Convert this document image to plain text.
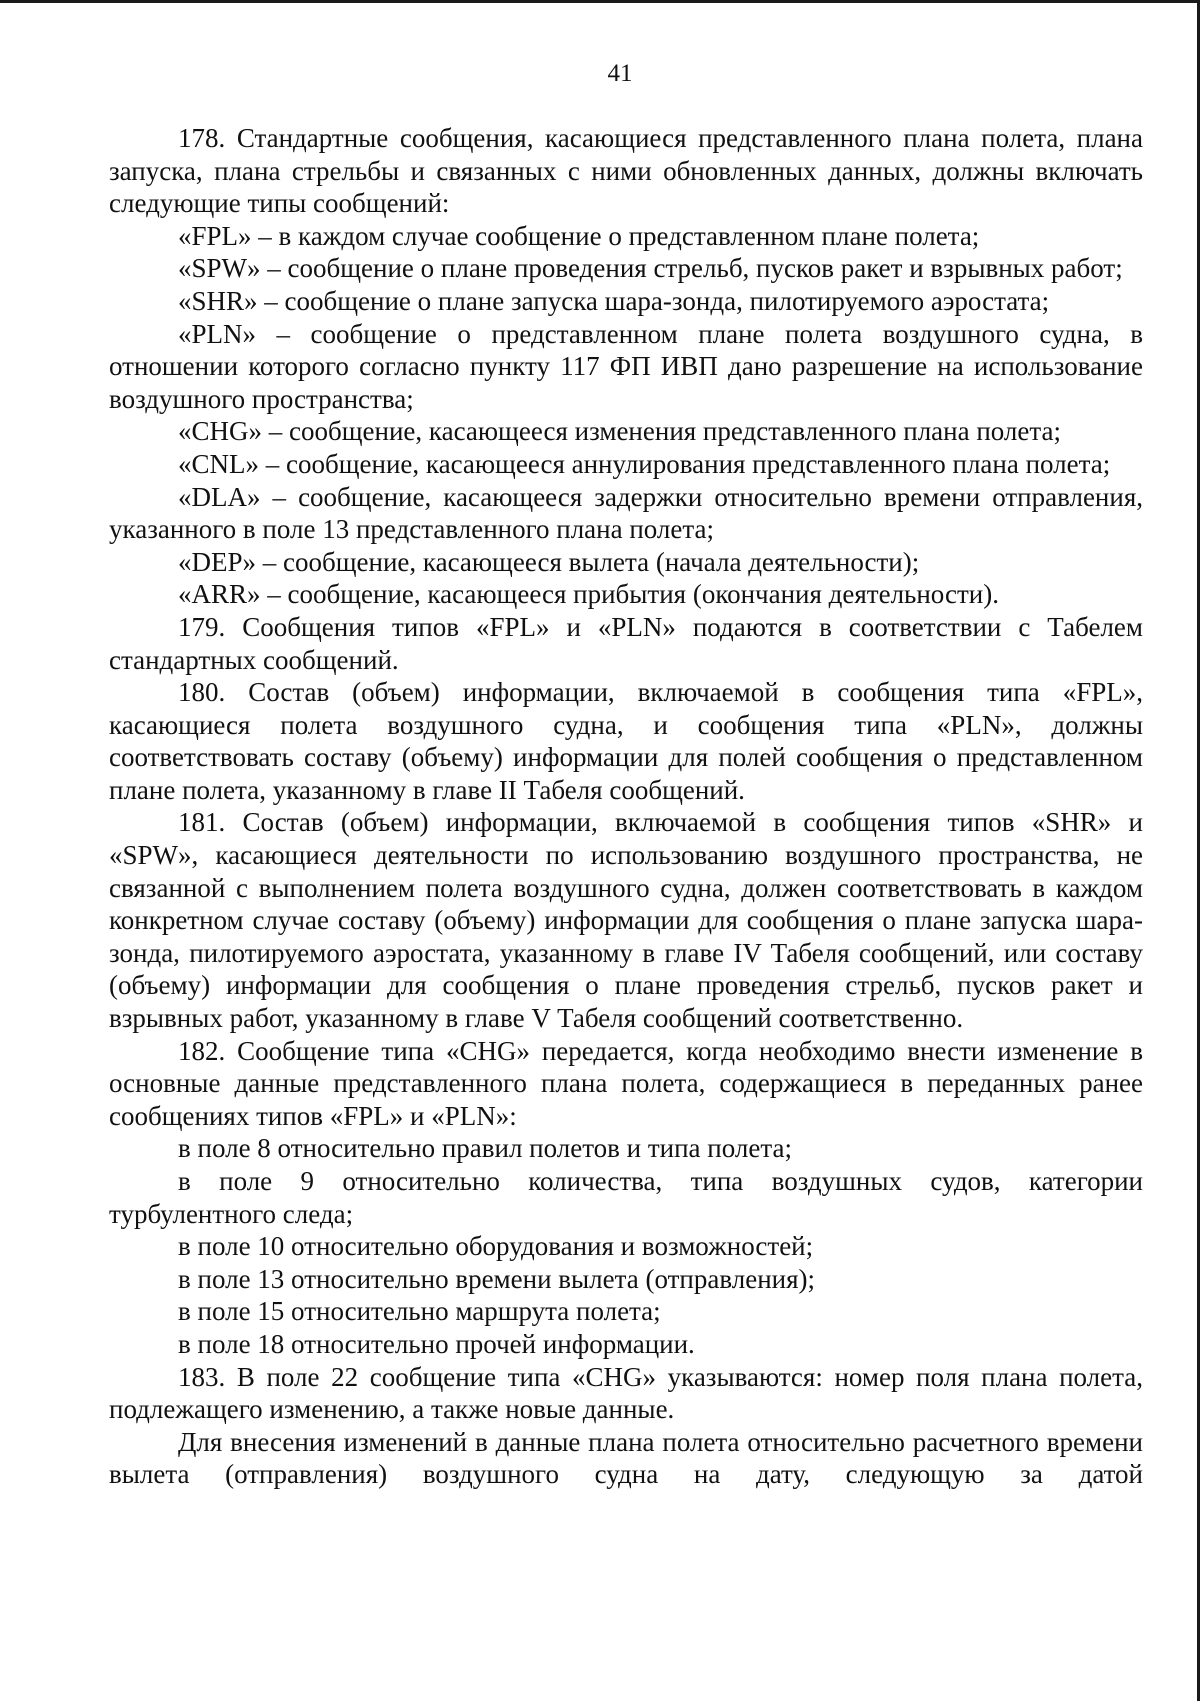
41

178. Стандартные сообщения, касающиеся представленного плана полета, плана запуска, плана стрельбы и связанных с ними обновленных данных, должны включать следующие типы сообщений:

«FPL» – в каждом случае сообщение о представленном плане полета;

«SPW» – сообщение о плане проведения стрельб, пусков ракет и взрывных работ;

«SHR» – сообщение о плане запуска шара-зонда, пилотируемого аэростата;

«PLN» – сообщение о представленном плане полета воздушного судна, в отношении которого согласно пункту 117 ФП ИВП дано разрешение на использование воздушного пространства;

«CHG» – сообщение, касающееся изменения представленного плана полета;

«CNL» – сообщение, касающееся аннулирования представленного плана полета;

«DLA» – сообщение, касающееся задержки относительно времени отправления, указанного в поле 13 представленного плана полета;

«DEP» – сообщение, касающееся вылета (начала деятельности);

«ARR» – сообщение, касающееся прибытия (окончания деятельности).

179. Сообщения типов «FPL» и «PLN» подаются в соответствии с Табелем стандартных сообщений.

180. Состав (объем) информации, включаемой в сообщения типа «FPL», касающиеся полета воздушного судна, и сообщения типа «PLN», должны соответствовать составу (объему) информации для полей сообщения о представленном плане полета, указанному в главе II Табеля сообщений.

181. Состав (объем) информации, включаемой в сообщения типов «SHR» и «SPW», касающиеся деятельности по использованию воздушного пространства, не связанной с выполнением полета воздушного судна, должен соответствовать в каждом конкретном случае составу (объему) информации для сообщения о плане запуска шара-зонда, пилотируемого аэростата, указанному в главе IV Табеля сообщений, или составу (объему) информации для сообщения о плане проведения стрельб, пусков ракет и взрывных работ, указанному в главе V Табеля сообщений соответственно.

182. Сообщение типа «CHG» передается, когда необходимо внести изменение в основные данные представленного плана полета, содержащиеся в переданных ранее сообщениях типов «FPL» и «PLN»:

в поле 8 относительно правил полетов и типа полета;

в поле 9 относительно количества, типа воздушных судов, категории турбулентного следа;

в поле 10 относительно оборудования и возможностей;

в поле 13 относительно времени вылета (отправления);

в поле 15 относительно маршрута полета;

в поле 18 относительно прочей информации.

183. В поле 22 сообщение типа «CHG» указываются: номер поля плана полета, подлежащего изменению, а также новые данные.

Для внесения изменений в данные плана полета относительно расчетного времени вылета (отправления) воздушного судна на дату, следующую за датой
